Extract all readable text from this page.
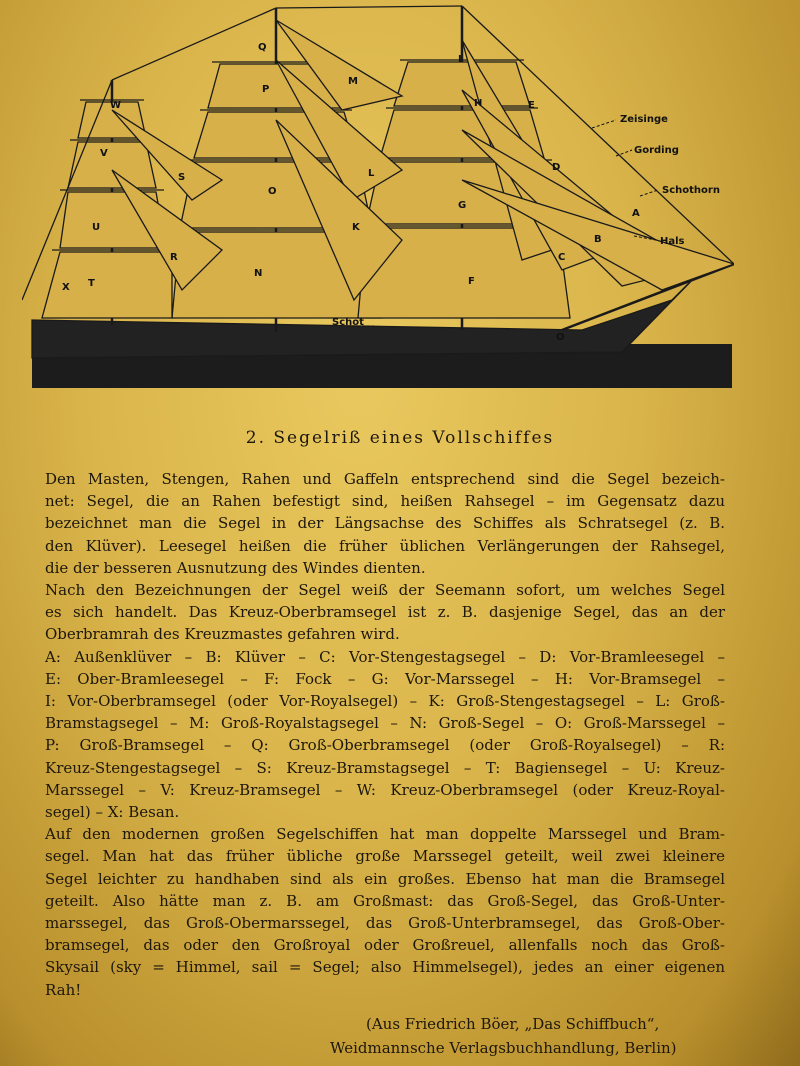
Q
I
P
M
H	E
W
V
S	L
D
O
K
G
A
B
C
U
R
N
F
X T
O
Zeisinge
Gording
Schothorn
Hals
Schot
2. Segelriß eines Vollschiffes
Den Masten, Stengen, Rahen und Gaffeln entsprechend sind die Segel bezeich-
net: Segel, die an Rahen befestigt sind, heißen Rahsegel – im Gegensatz dazu
bezeichnet man die Segel in der Längsachse des Schiffes als Schratsegel (z. B.
den Klüver). Leesegel heißen die früher üblichen Verlängerungen der Rahsegel,
die der besseren Ausnutzung des Windes dienten.
Nach den Bezeichnungen der Segel weiß der Seemann sofort, um welches Segel
es sich handelt. Das Kreuz-Oberbramsegel ist z. B. dasjenige Segel, das an der
Oberbramrah des Kreuzmastes gefahren wird.
A: Außenklüver – B: Klüver – C: Vor-Stengestagsegel – D: Vor-Bramleesegel –
E: Ober-Bramleesegel – F: Fock – G: Vor-Marssegel – H: Vor-Bramsegel –
I: Vor-Oberbramsegel (oder Vor-Royalsegel) – K: Groß-Stengestagsegel – L: Groß-
Bramstagsegel – M: Groß-Royalstagsegel – N: Groß-Segel – O: Groß-Marssegel –
P: Groß-Bramsegel – Q: Groß-Oberbramsegel (oder Groß-Royalsegel) – R:
Kreuz-Stengestagsegel – S: Kreuz-Bramstagsegel – T: Bagiensegel – U: Kreuz-
Marssegel – V: Kreuz-Bramsegel – W: Kreuz-Oberbramsegel (oder Kreuz-Royal-
segel) – X: Besan.
Auf den modernen großen Segelschiffen hat man doppelte Marssegel und Bram-
segel. Man hat das früher übliche große Marssegel geteilt, weil zwei kleinere
Segel leichter zu handhaben sind als ein großes. Ebenso hat man die Bramsegel
geteilt. Also hätte man z. B. am Großmast: das Groß-Segel, das Groß-Unter-
marssegel, das Groß-Obermarssegel, das Groß-Unterbramsegel, das Groß-Ober-
bramsegel, das oder den Großroyal oder Großreuel, allenfalls noch das Groß-
Skysail (sky = Himmel, sail = Segel; also Himmelsegel), jedes an einer eigenen
Rah!
(Aus Friedrich Böer, „Das Schiffbuch“,
Weidmannsche Verlagsbuchhandlung, Berlin)
